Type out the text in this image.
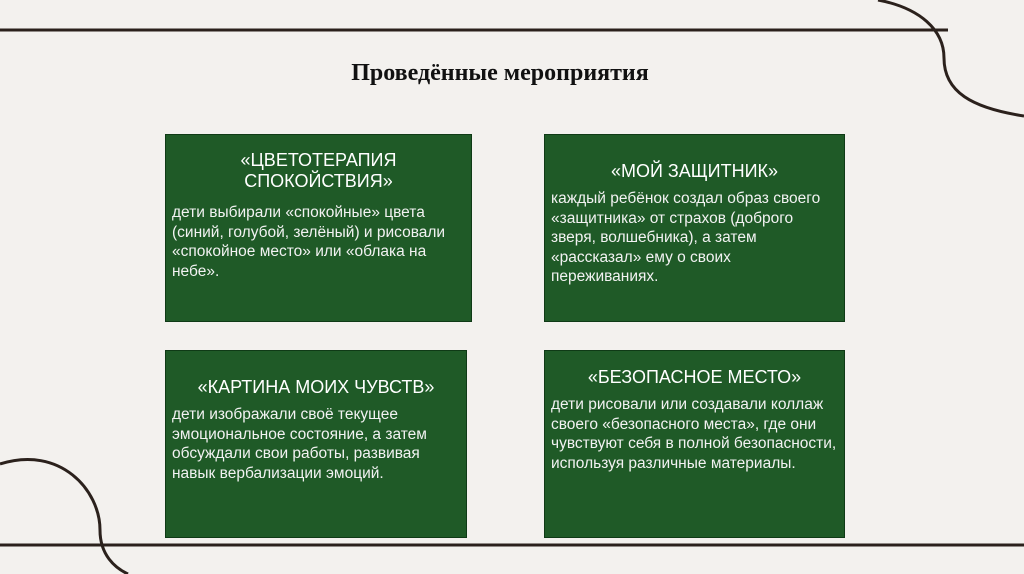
Проведённые мероприятия
«ЦВЕТОТЕРАПИЯ СПОКОЙСТВИЯ»
дети выбирали «спокойные» цвета (синий, голубой, зелёный) и рисовали «спокойное место» или «облака на небе».
«МОЙ ЗАЩИТНИК»
каждый ребёнок создал образ своего «защитника» от страхов (доброго зверя, волшебника), а затем «рассказал» ему о своих переживаниях.
«КАРТИНА МОИХ ЧУВСТВ»
дети изображали своё текущее эмоциональное состояние, а затем обсуждали свои работы, развивая навык вербализации эмоций.
«БЕЗОПАСНОЕ МЕСТО»
дети рисовали или создавали коллаж своего «безопасного места», где они чувствуют себя в полной безопасности, используя различные материалы.
